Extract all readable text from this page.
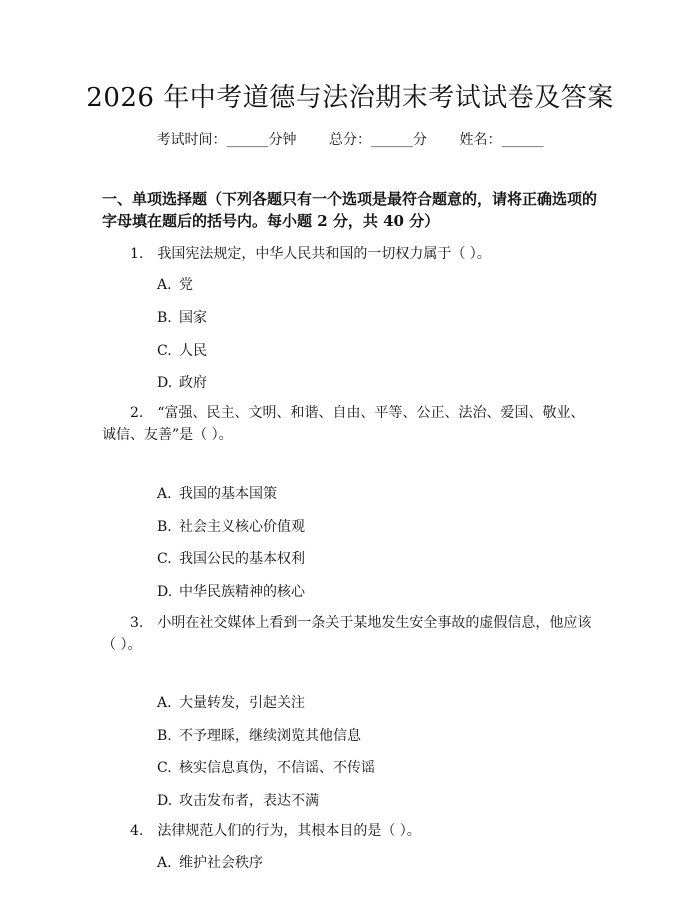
2026 年中考道德与法治期末考试试卷及答案
考试时间：______分钟 总分：______分 姓名：______
一、单项选择题（下列各题只有一个选项是最符合题意的，请将正确选项的字母填在题后的括号内。每小题 2 分，共 40 分）
1. 我国宪法规定，中华人民共和国的一切权力属于（ ）。
A. 党
B. 国家
C. 人民
D. 政府
2. “富强、民主、文明、和谐、自由、平等、公正、法治、爱国、敬业、诚信、友善”是（ ）。
A. 我国的基本国策
B. 社会主义核心价值观
C. 我国公民的基本权利
D. 中华民族精神的核心
3. 小明在社交媒体上看到一条关于某地发生安全事故的虚假信息，他应该（ ）。
A. 大量转发，引起关注
B. 不予理睬，继续浏览其他信息
C. 核实信息真伪，不信谣、不传谣
D. 攻击发布者，表达不满
4. 法律规范人们的行为，其根本目的是（ ）。
A. 维护社会秩序
